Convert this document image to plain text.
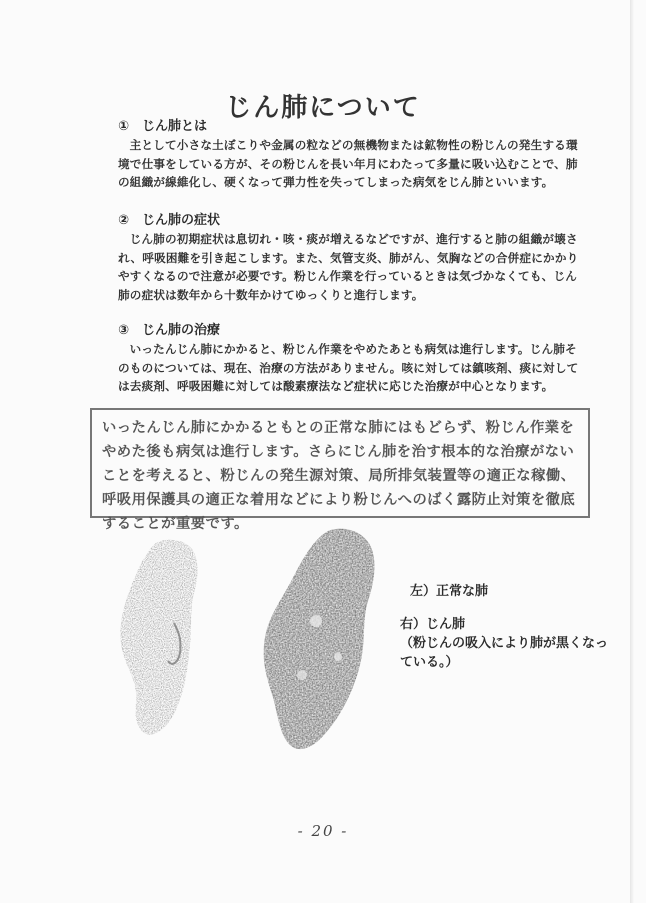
じん肺について

① じん肺とは

主として小さな土ぼこりや金属の粒などの無機物または鉱物性の粉じんの発生する環境で仕事をしている方が、その粉じんを長い年月にわたって多量に吸い込むことで、肺の組織が線維化し、硬くなって弾力性を失ってしまった病気をじん肺といいます。

② じん肺の症状

じん肺の初期症状は息切れ・咳・痰が増えるなどですが、進行すると肺の組織が壊され、呼吸困難を引き起こします。また、気管支炎、肺がん、気胸などの合併症にかかりやすくなるので注意が必要です。粉じん作業を行っているときは気づかなくても、じん肺の症状は数年から十数年かけてゆっくりと進行します。

③ じん肺の治療

いったんじん肺にかかると、粉じん作業をやめたあとも病気は進行します。じん肺そのものについては、現在、治療の方法がありません。咳に対しては鎮咳剤、痰に対しては去痰剤、呼吸困難に対しては酸素療法など症状に応じた治療が中心となります。

いったんじん肺にかかるともとの正常な肺にはもどらず、粉じん作業をやめた後も病気は進行します。さらにじん肺を治す根本的な治療がないことを考えると、粉じんの発生源対策、局所排気装置等の適正な稼働、呼吸用保護具の適正な着用などにより粉じんへのばく露防止対策を徹底することが重要です。

左）正常な肺

右）じん肺

（粉じんの吸入により肺が黒くなっている。）

- 20 -
